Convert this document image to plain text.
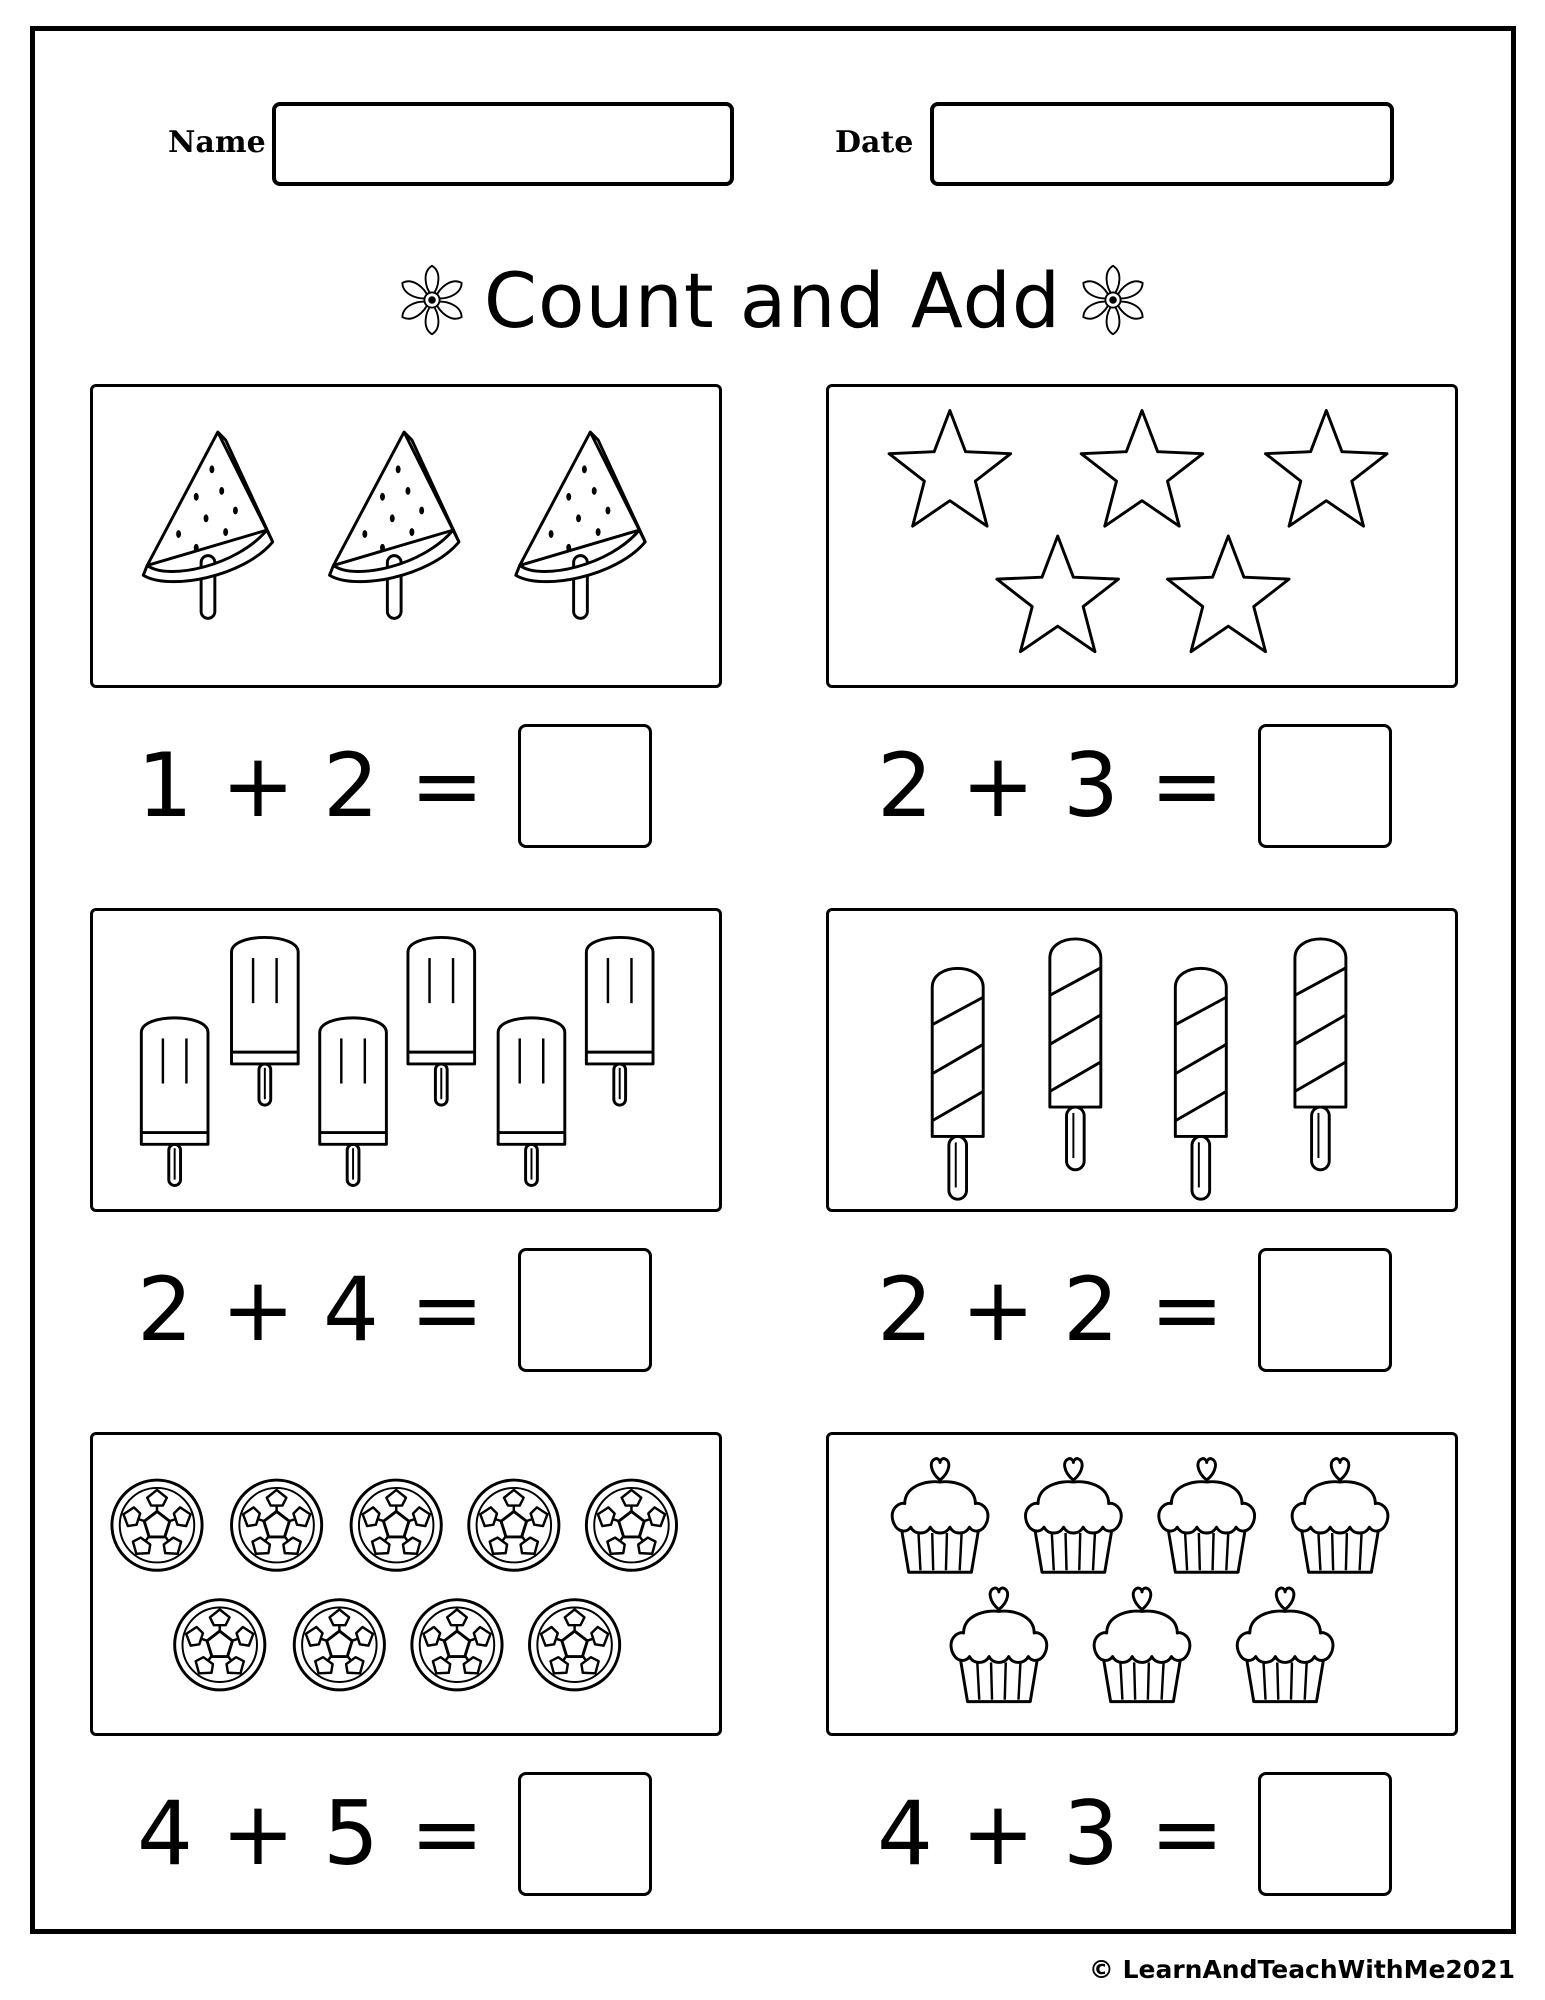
Name	Date
Count and Add
1 + 2 =	2 + 3 =
2 + 4 =	2 + 2 =
4 + 5 =	4 + 3 =
© LearnAndTeachWithMe2021
